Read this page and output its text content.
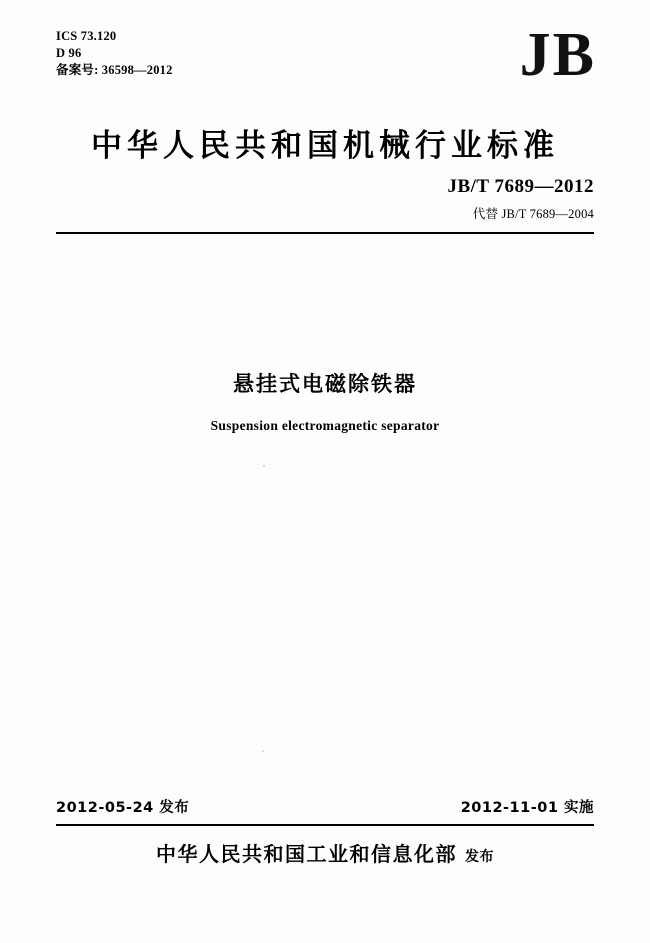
ICS 73.120
D 96
备案号: 36598—2012	JB
中华人民共和国机械行业标准
JB/T 7689—2012
代替 JB/T 7689—2004
悬挂式电磁除铁器
Suspension electromagnetic separator
2012-05-24 发布	2012-11-01 实施
中华人民共和国工业和信息化部 发布
